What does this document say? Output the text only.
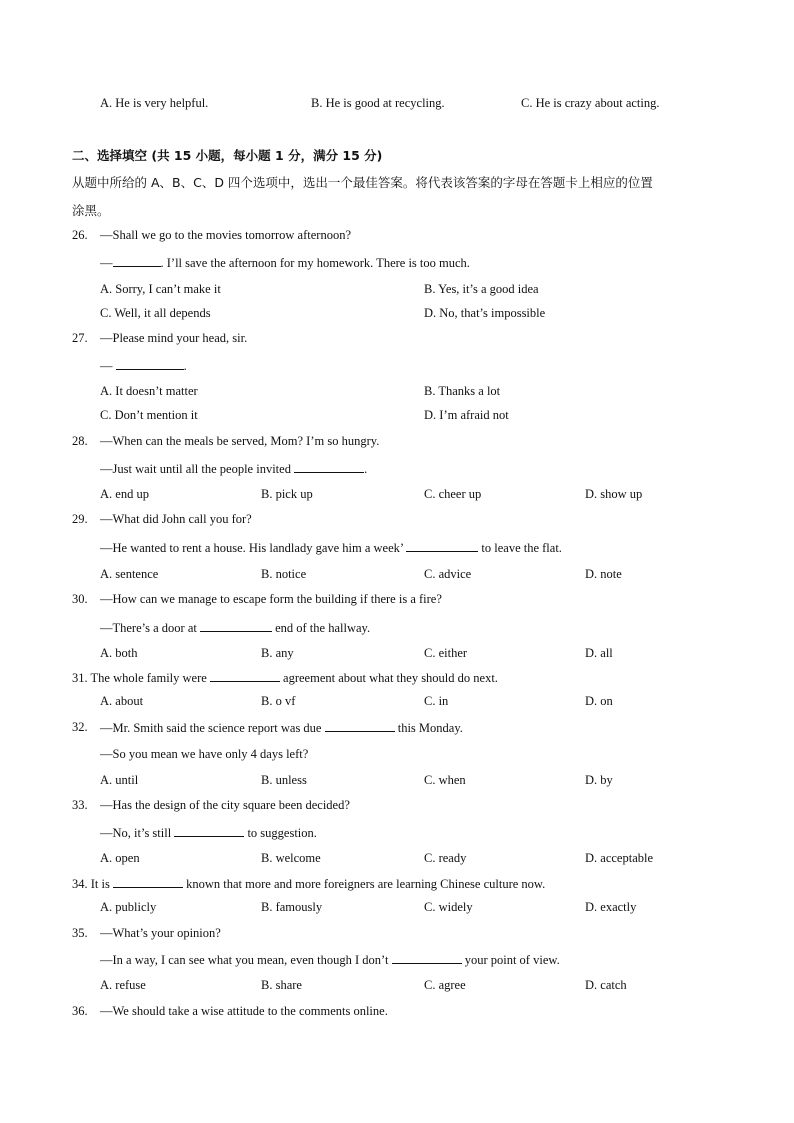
A. He is very helpful.	B. He is good at recycling.	C. He is crazy about acting.
二、选择填空 (共 15 小题，每小题 1 分，满分 15 分)
从题中所给的 A、B、C、D 四个选项中，选出一个最佳答案。将代表该答案的字母在答题卡上相应的位置
涂黑。
26. —Shall we go to the movies tomorrow afternoon?
—	. I’ll save the afternoon for my homework. There is too much.
A. Sorry, I can’t make it	B. Yes, it’s a good idea
C. Well, it all depends	D. No, that’s impossible
27. —Please mind your head, sir.
—	.
A. It doesn’t matter	B. Thanks a lot
C. Don’t mention it	D. I’m afraid not
28. —When can the meals be served, Mom? I’m so hungry.
—Just wait until all the people invited	.
A. end up	B. pick up	C. cheer up	D. show up
29. —What did John call you for?
—He wanted to rent a house. His landlady gave him a week’	to leave the flat.
A. sentence	B. notice	C. advice	D. note
30. —How can we manage to escape form the building if there is a fire?
—There’s a door at	end of the hallway.
A. both	B. any	C. either	D. all
31. The whole family were	agreement about what they should do next.
A. about	B. o vf	C. in	D. on
32. —Mr. Smith said the science report was due	this Monday.
—So you mean we have only 4 days left?
A. until	B. unless	C. when	D. by
33. —Has the design of the city square been decided?
—No, it’s still	to suggestion.
A. open	B. welcome	C. ready	D. acceptable
34. It is	known that more and more foreigners are learning Chinese culture now.
A. publicly	B. famously	C. widely	D. exactly
35. —What’s your opinion?
—In a way, I can see what you mean, even though I don’t	your point of view.
A. refuse	B. share	C. agree	D. catch
36. —We should take a wise attitude to the comments online.
